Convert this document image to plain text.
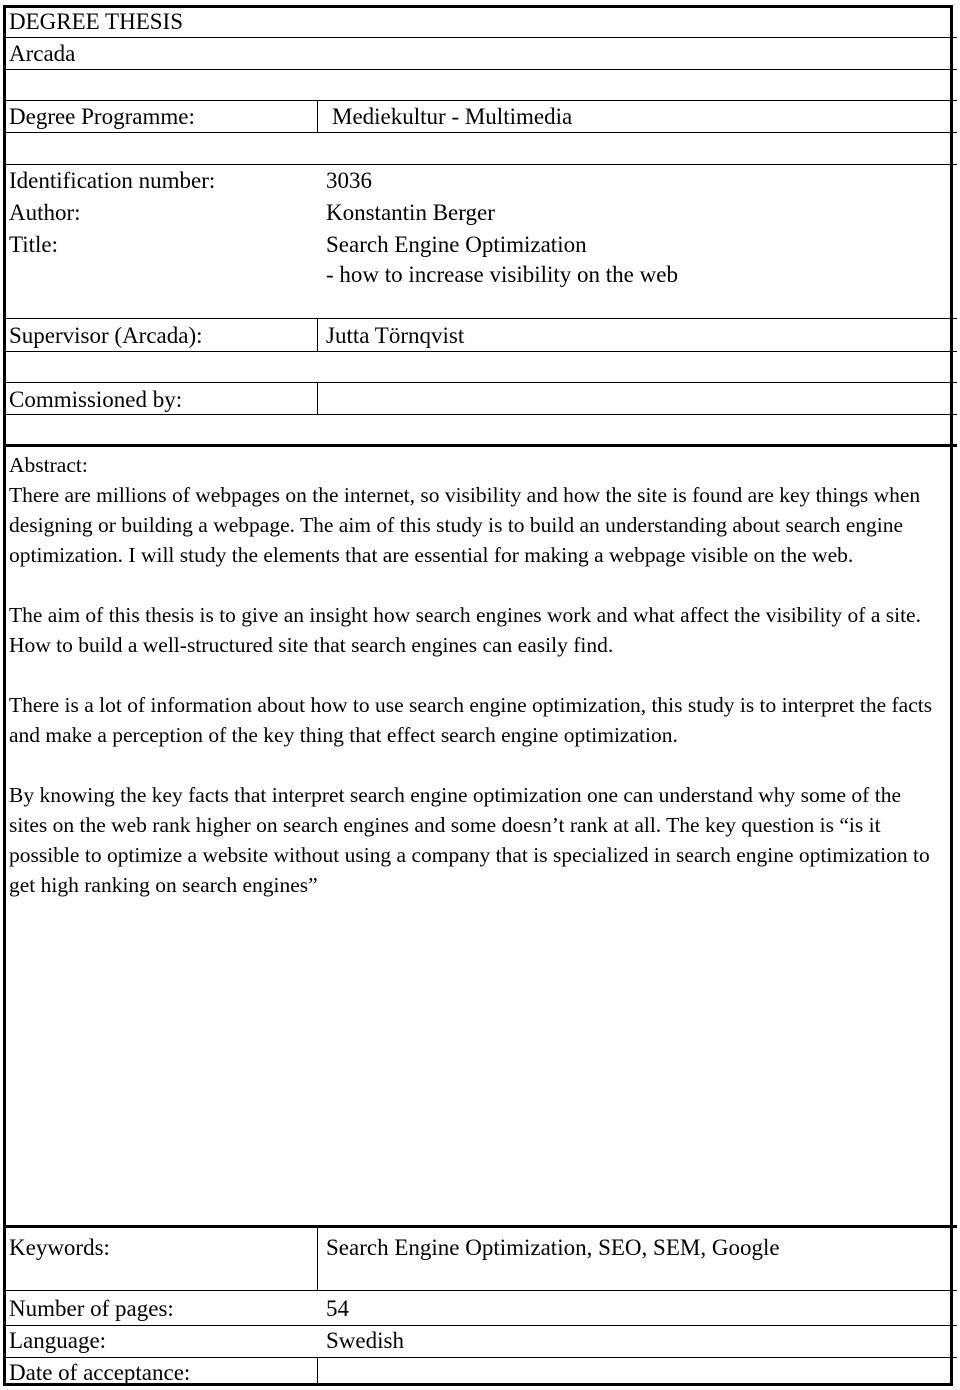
DEGREE THESIS
Arcada
Degree Programme:	Mediekultur - Multimedia
Identification number:	3036
Author:	Konstantin Berger
Title:	Search Engine Optimization
- how to increase visibility on the web
Supervisor (Arcada):	Jutta Törnqvist
Commissioned by:

Abstract:

There are millions of webpages on the internet, so visibility and how the site is found are key things when designing or building a webpage. The aim of this study is to build an understanding about search engine optimization. I will study the elements that are essential for making a webpage visible on the web.

The aim of this thesis is to give an insight how search engines work and what affect the visibility of a site. How to build a well-structured site that search engines can easily find.

There is a lot of information about how to use search engine optimization, this study is to interpret the facts and make a perception of the key thing that effect search engine optimization.

By knowing the key facts that interpret search engine optimization one can understand why some of the sites on the web rank higher on search engines and some doesn’t rank at all. The key question is “is it possible to optimize a website without using a company that is specialized in search engine optimization to get high ranking on search engines”

Keywords:	Search Engine Optimization, SEO, SEM, Google
Number of pages:	54
Language:	Swedish
Date of acceptance:
